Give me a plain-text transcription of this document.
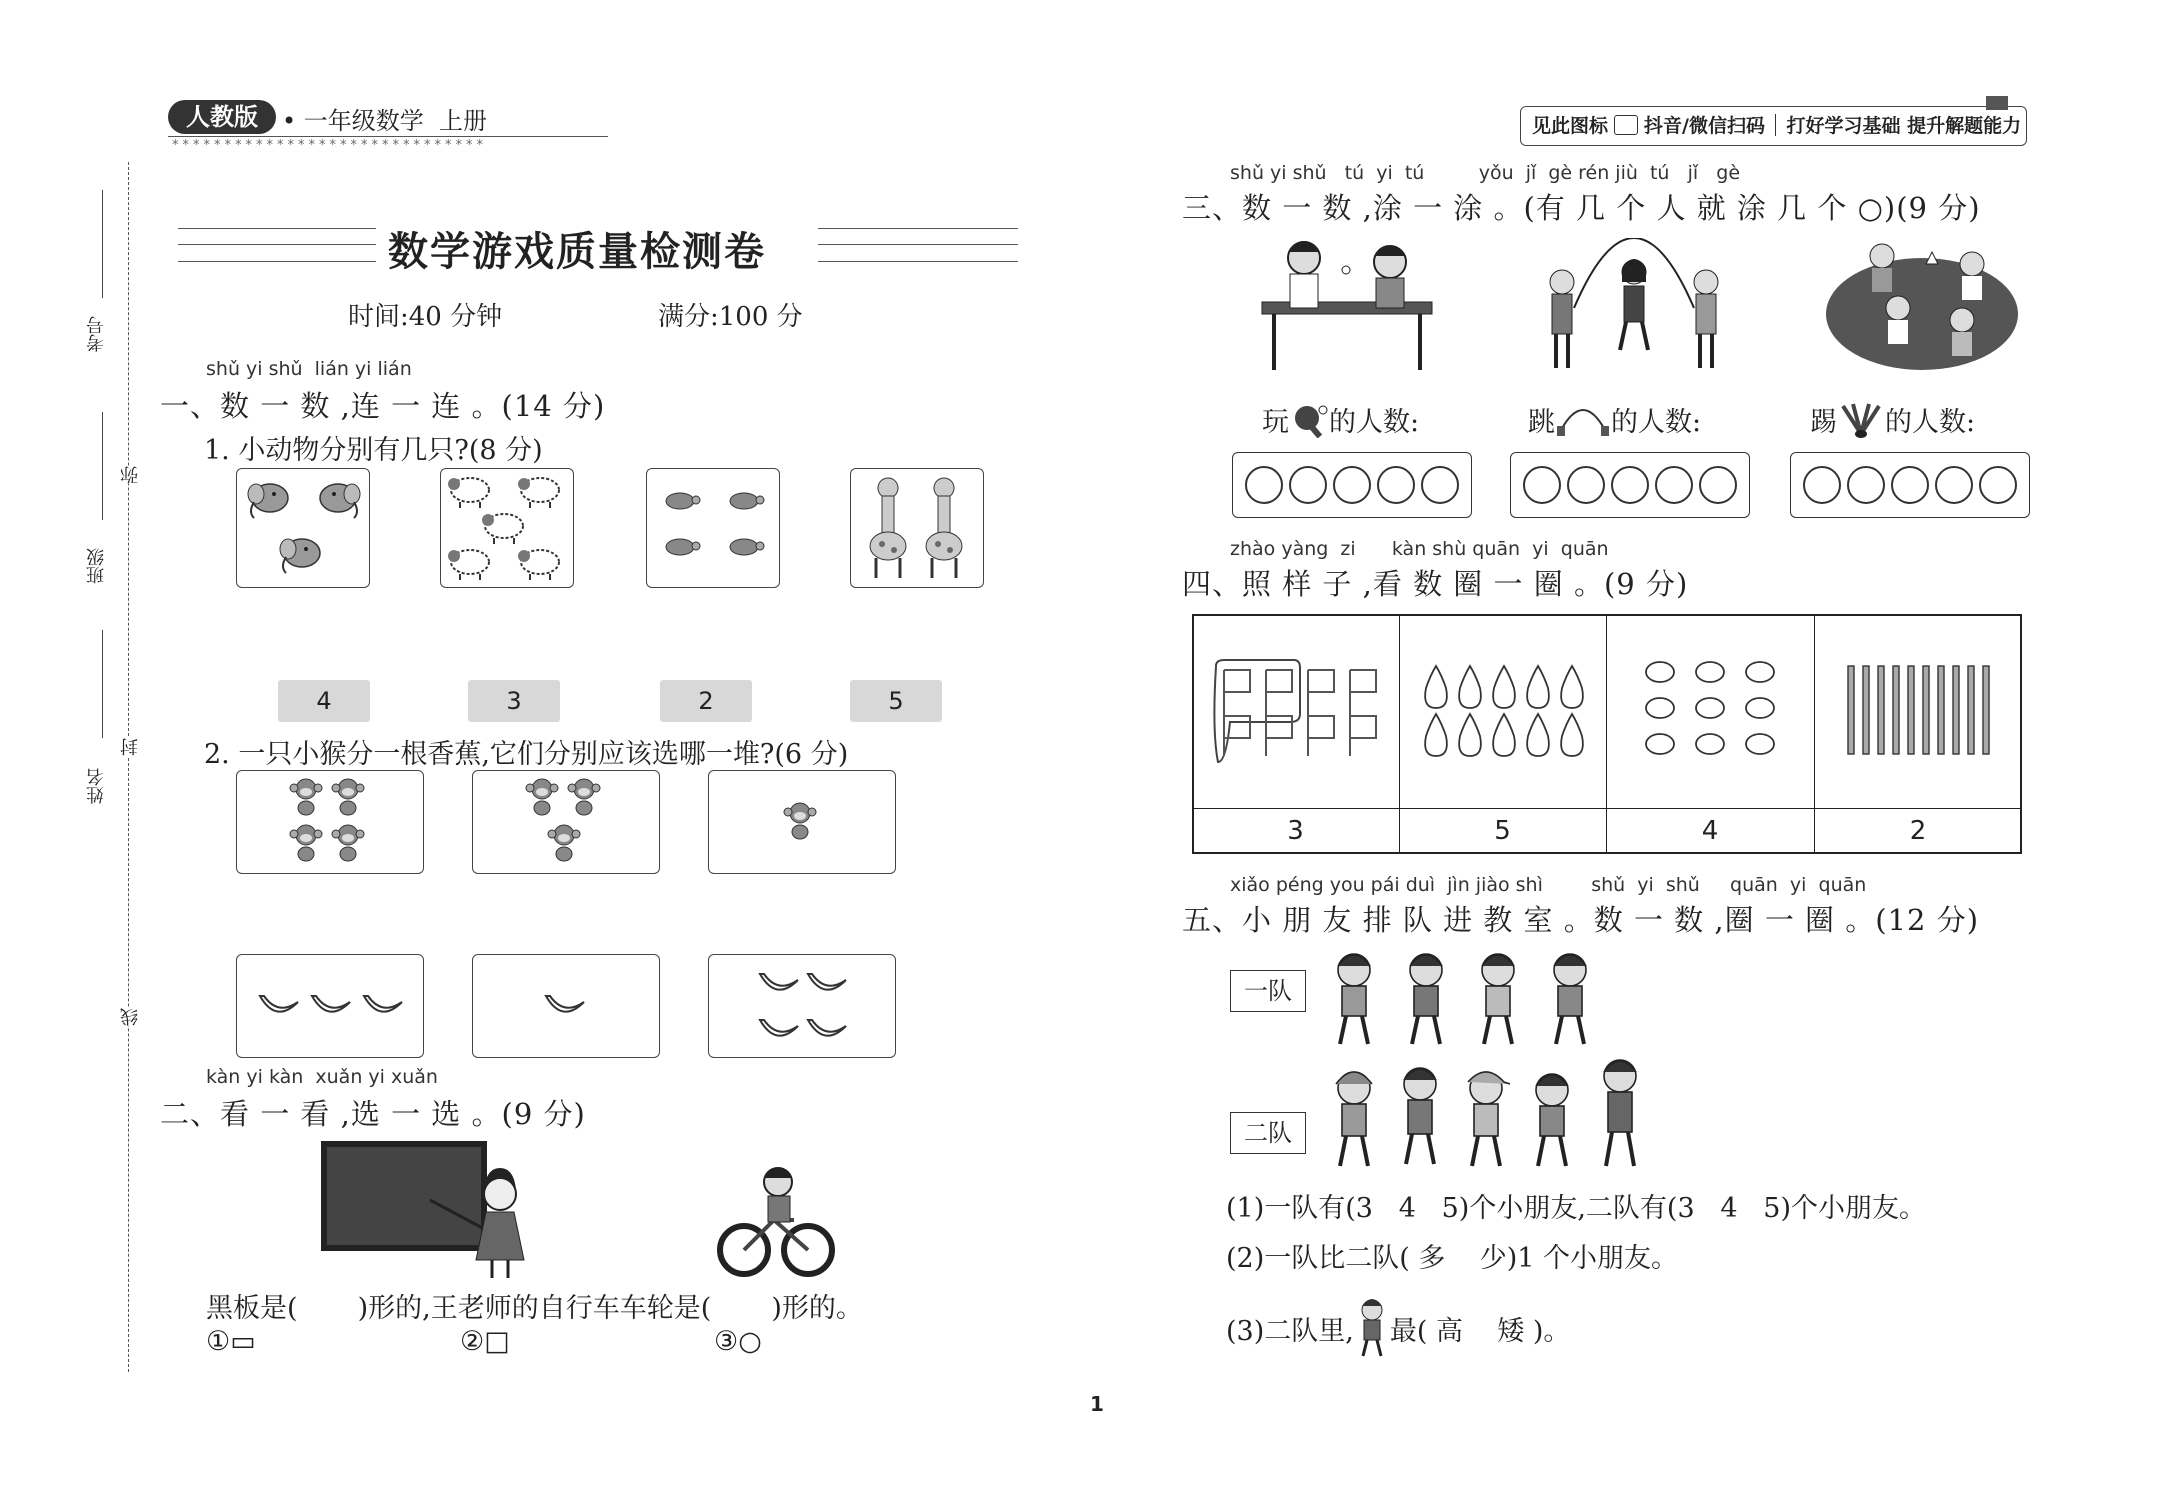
人教版	• 一年级数学  上册
******************************
见此图标 抖音/微信扫码 打好学习基础 提升解题能力
考号
班级
姓名
弥
封
线
数学游戏质量检测卷
时间:40 分钟	满分:100 分
shǔ yi shǔ  lián yi lián
一、数 一 数 ,连 一 连 。(14 分)
1. 小动物分别有几只?(8 分)
4	3	2	5
2. 一只小猴分一根香蕉,它们分别应该选哪一堆?(6 分)
kàn yi kàn  xuǎn yi xuǎn
二、看 一 看 ,选 一 选 。(9 分)
黑板是(       )形的,王老师的自行车车轮是(       )形的。
①▭	②□	③○
1
shǔ yi shǔ   tú  yi  tú         yǒu  jǐ  gè rén jiù  tú   jǐ   gè
三、数 一 数 ,涂 一 涂 。(有 几 个 人 就 涂 几 个 ○)(9 分)
玩 的人数:	跳 的人数:	踢 的人数:
zhào yàng  zi      kàn shù quān  yi  quān
四、照 样 子 ,看 数 圈 一 圈 。(9 分)
3	5	4	2
xiǎo péng you pái duì  jìn jiào shì        shǔ  yi  shǔ     quān  yi  quān
五、小 朋 友 排 队 进 教 室 。数 一 数 ,圈 一 圈 。(12 分)
一队
二队
(1)一队有(3   4   5)个小朋友,二队有(3   4   5)个小朋友。
(2)一队比二队( 多    少)1 个小朋友。
(3)二队里, 最( 高    矮 )。
